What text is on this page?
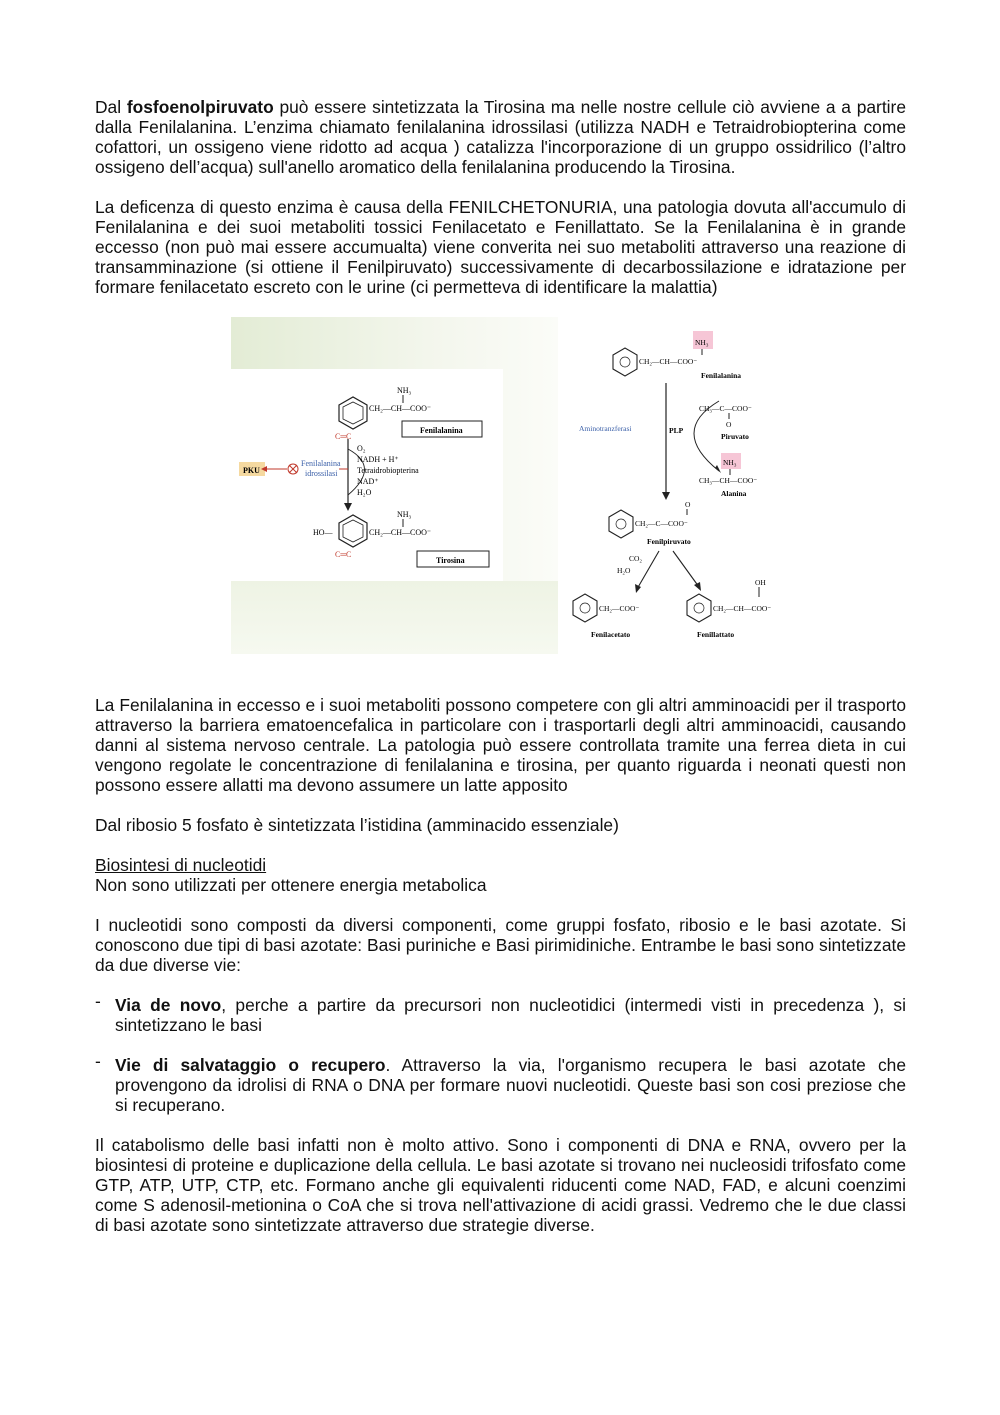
Dal fosfoenolpiruvato può essere sintetizzata la Tirosina ma nelle nostre cellule ciò avviene a a partire dalla Fenilalanina. L’enzima chiamato fenilalanina idrossilasi (utilizza NADH e Tetraidrobiopterina come cofattori, un ossigeno viene ridotto ad acqua ) catalizza l'incorporazione di un gruppo ossidrilico (l’altro ossigeno dell’acqua) sull'anello aromatico della fenilalanina producendo la Tirosina.

La deficenza di questo enzima è causa della FENILCHETONURIA, una patologia dovuta all'accumulo di Fenilalanina e dei suoi metaboliti tossici Fenilacetato e Fenillattato. Se la Fenilalanina è in grande eccesso (non può mai essere accumualta) viene converita nei suo metaboliti attraverso una reazione di transamminazione (si ottiene il Fenilpiruvato) successivamente di decarbossilazione e idratazione per formare fenilacetato escreto con le urine (ci permetteva di identificare la malattia)

C═C
CH₂—CH—COO⁻
NH₃
Fenilalanina
O₂
NADH + H⁺
Tetraidrobiopterina
NAD⁺
H₂O
PKU
Fenilalanina
idrossilasi
HO—
C═C
CH₂—CH—COO⁻
NH₃
Tirosina
NH₃
CH₂—CH—COO⁻
Fenilalanina
Aminotranzferasi	PLP
CH₃—C—COO⁻
O
Piruvato
NH₃
CH₃—CH—COO⁻
Alanina
O
CH₂—C—COO⁻
Fenilpiruvato
CO₂
H₂O
CH₂—COO⁻
Fenilacetato
OH
CH₂—CH—COO⁻
Fenillattato

La Fenilalanina in eccesso e i suoi metaboliti possono competere con gli altri amminoacidi per il trasporto attraverso la barriera ematoencefalica in particolare con i trasportarli degli altri amminoacidi, causando danni al sistema nervoso centrale. La patologia può essere controllata tramite una ferrea dieta in cui vengono regolate le concentrazione di fenilalanina e tirosina, per quanto riguarda i neonati questi non possono essere allatti ma devono assumere un latte apposito

Dal ribosio 5 fosfato è sintetizzata l’istidina (amminacido essenziale)

Biosintesi di nucleotidi

Non sono utilizzati per ottenere energia metabolica

I nucleotidi sono composti da diversi componenti, come gruppi fosfato, ribosio e le basi azotate. Si conoscono due tipi di basi azotate: Basi puriniche e Basi pirimidiniche. Entrambe le basi sono sintetizzate da due diverse vie:

- Via de novo, perche a partire da precursori non nucleotidici (intermedi visti in precedenza ), si sintetizzano le basi
- Vie di salvataggio o recupero. Attraverso la via, l'organismo recupera le basi azotate che provengono da idrolisi di RNA o DNA per formare nuovi nucleotidi. Queste basi son cosi preziose che si recuperano.

Il catabolismo delle basi infatti non è molto attivo. Sono i componenti di DNA e RNA, ovvero per la biosintesi di proteine e duplicazione della cellula. Le basi azotate si trovano nei nucleosidi trifosfato come GTP, ATP, UTP, CTP, etc. Formano anche gli equivalenti riducenti come NAD, FAD, e alcuni coenzimi come S adenosil-metionina o CoA che si trova nell'attivazione di acidi grassi. Vedremo che le due classi di basi azotate sono sintetizzate attraverso due strategie diverse.
